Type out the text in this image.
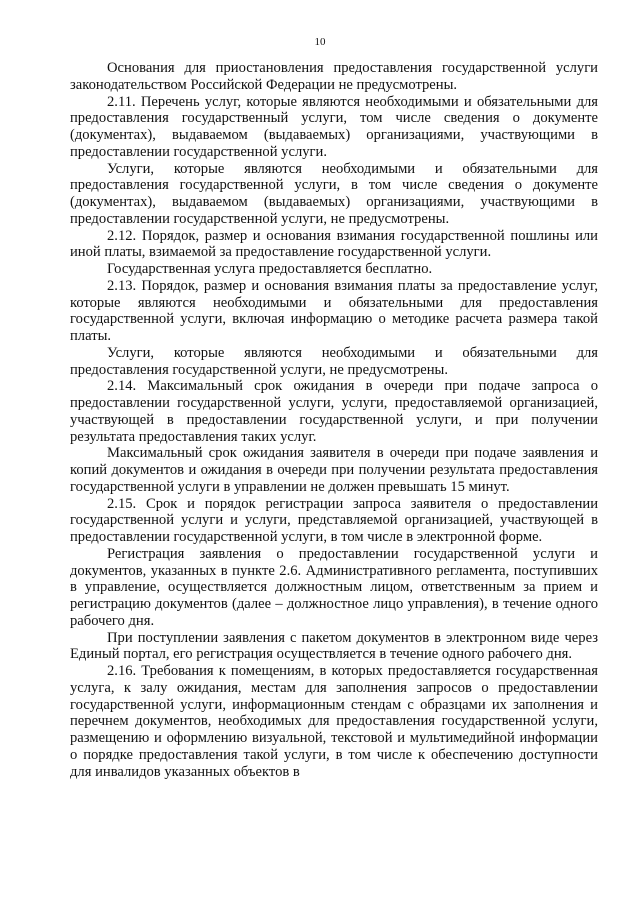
10

Основания для приостановления предоставления государственной услуги законодательством Российской Федерации не предусмотрены.

2.11. Перечень услуг, которые являются необходимыми и обязательными для предоставления государственный услуги, том числе сведения о документе (документах), выдаваемом (выдаваемых) организациями, участвующими в предоставлении государственной услуги.

Услуги, которые являются необходимыми и обязательными для предоставления государственной услуги, в том числе сведения о документе (документах), выдаваемом (выдаваемых) организациями, участвующими в предоставлении государственной услуги, не предусмотрены.

2.12. Порядок, размер и основания взимания государственной пошлины или иной платы, взимаемой за предоставление государственной услуги.

Государственная услуга предоставляется бесплатно.

2.13. Порядок, размер и основания взимания платы за предоставление услуг, которые являются необходимыми и обязательными для предоставления государственной услуги, включая информацию о методике расчета размера такой платы.

Услуги, которые являются необходимыми и обязательными для предоставления государственной услуги, не предусмотрены.

2.14. Максимальный срок ожидания в очереди при подаче запроса о предоставлении государственной услуги, услуги, предоставляемой организацией, участвующей в предоставлении государственной услуги, и при получении результата предоставления таких услуг.

Максимальный срок ожидания заявителя в очереди при подаче заявления и копий документов и ожидания в очереди при получении результата предоставления государственной услуги в управлении не должен превышать 15 минут.

2.15. Срок и порядок регистрации запроса заявителя о предоставлении государственной услуги и услуги, представляемой организацией, участвующей в предоставлении государственной услуги, в том числе в электронной форме.

Регистрация заявления о предоставлении государственной услуги и документов, указанных в пункте 2.6. Административного регламента, поступивших в управление, осуществляется должностным лицом, ответственным за прием и регистрацию документов (далее – должностное лицо управления), в течение одного рабочего дня.

При поступлении заявления с пакетом документов в электронном виде через Единый портал, его регистрация осуществляется в течение одного рабочего дня.

2.16. Требования к помещениям, в которых предоставляется государственная услуга, к залу ожидания, местам для заполнения запросов о предоставлении государственной услуги, информационным стендам с образцами их заполнения и перечнем документов, необходимых для предоставления государственной услуги, размещению и оформлению визуальной, текстовой и мультимедийной информации о порядке предоставления такой услуги, в том числе к обеспечению доступности для инвалидов указанных объектов в
